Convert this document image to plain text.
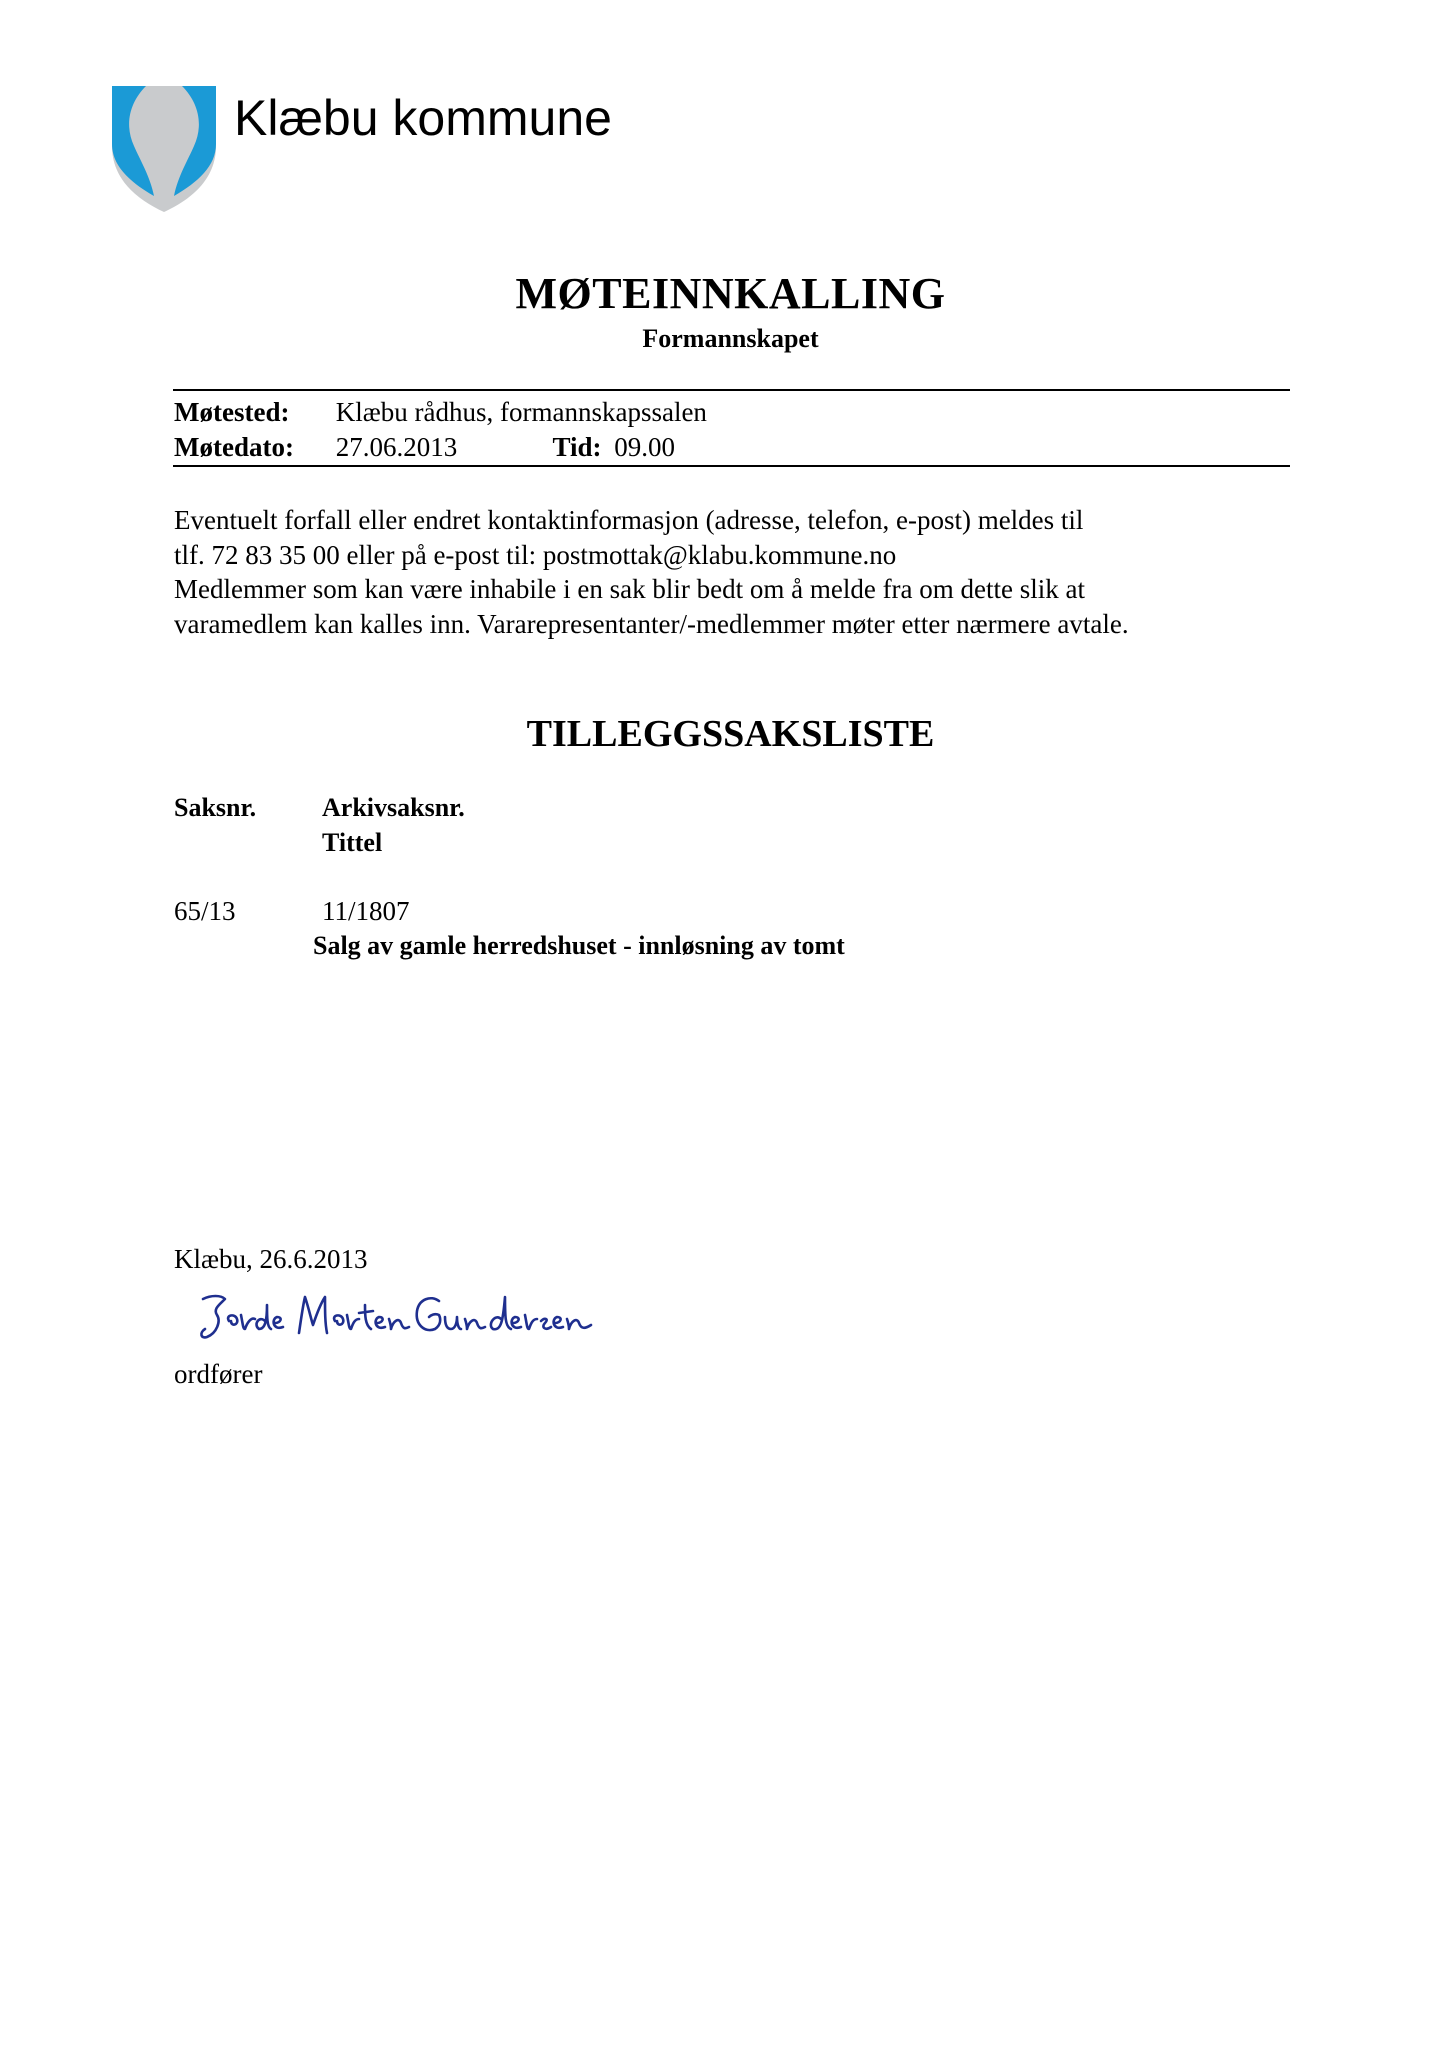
Klæbu kommune
MØTEINNKALLING
Formannskapet
Møtested: Klæbu rådhus, formannskapssalen
Møtedato: 27.06.2013	Tid: 09.00
Eventuelt forfall eller endret kontaktinformasjon (adresse, telefon, e-post) meldes til
tlf. 72 83 35 00 eller på e-post til: postmottak@klabu.kommune.no
Medlemmer som kan være inhabile i en sak blir bedt om å melde fra om dette slik at
varamedlem kan kalles inn. Vararepresentanter/-medlemmer møter etter nærmere avtale.
TILLEGGSSAKSLISTE
Saksnr.	Arkivsaksnr.
Tittel
65/13	11/1807
Salg av gamle herredshuset - innløsning av tomt
Klæbu, 26.6.2013
ordfører
